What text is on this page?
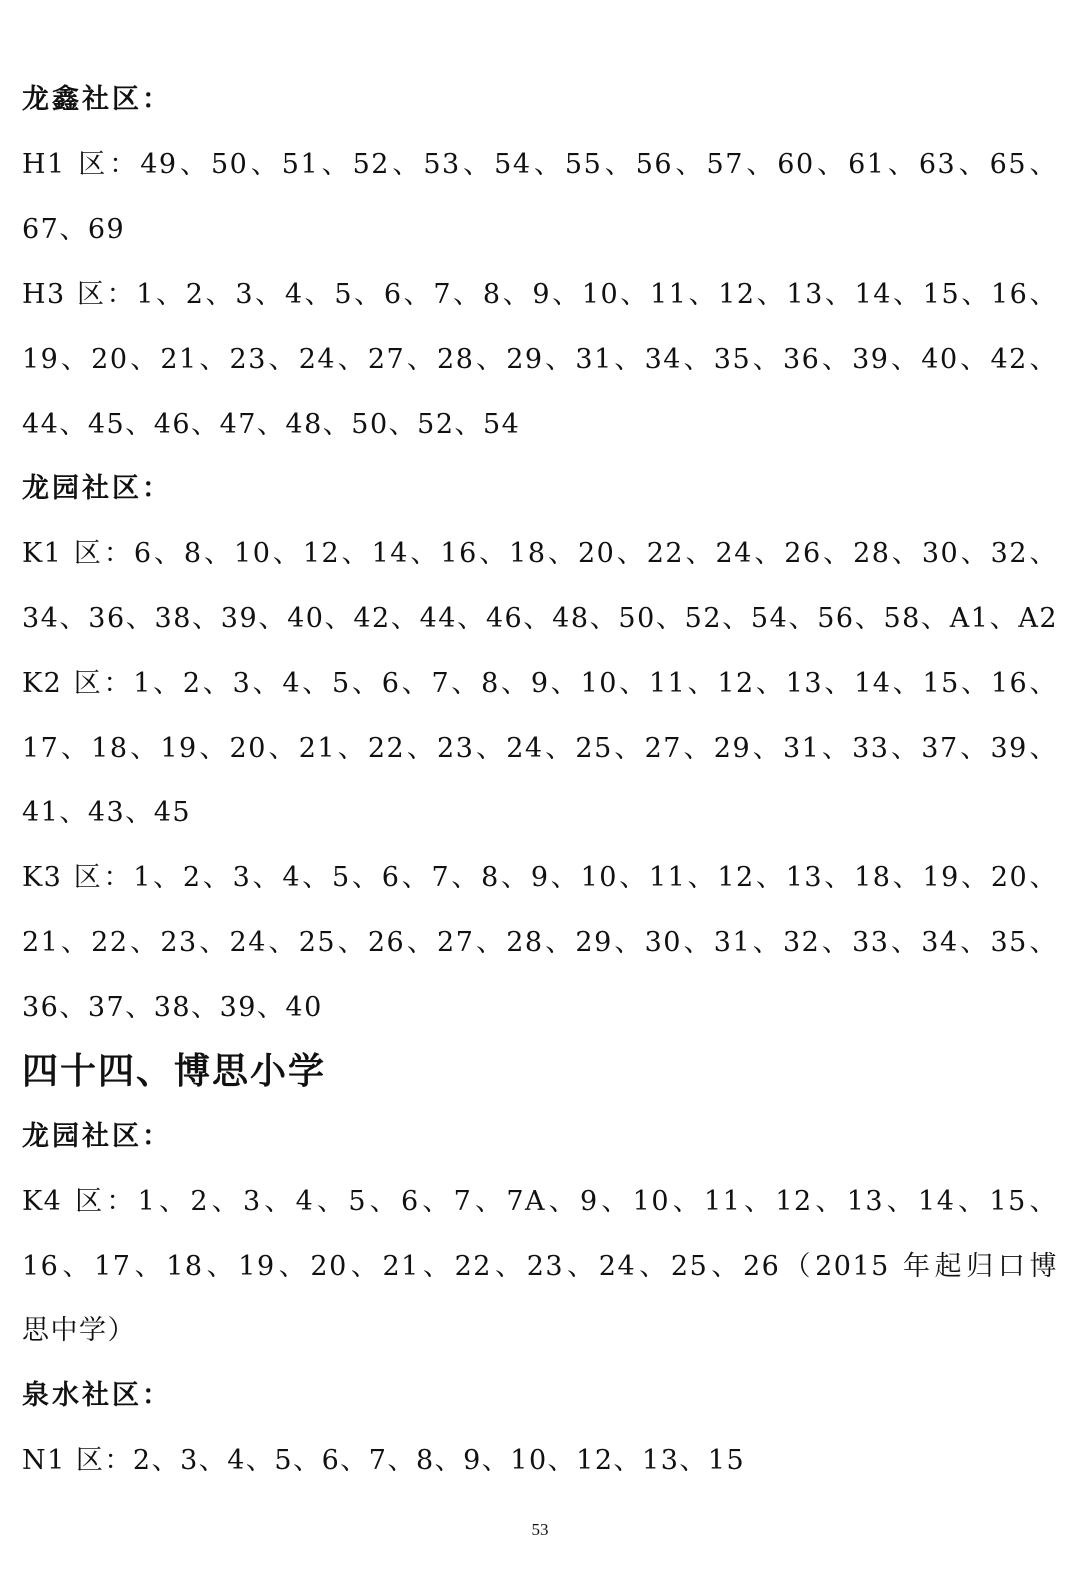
龙鑫社区：
H1 区：49、50、51、52、53、54、55、56、57、60、61、63、65、
67、69
H3 区：1、2、3、4、5、6、7、8、9、10、11、12、13、14、15、16、
19、20、21、23、24、27、28、29、31、34、35、36、39、40、42、
44、45、46、47、48、50、52、54
龙园社区：
K1 区：6、8、10、12、14、16、18、20、22、24、26、28、30、32、
34、36、38、39、40、42、44、46、48、50、52、54、56、58、A1、A2
K2 区：1、2、3、4、5、6、7、8、9、10、11、12、13、14、15、16、
17、18、19、20、21、22、23、24、25、27、29、31、33、37、39、
41、43、45
K3 区：1、2、3、4、5、6、7、8、9、10、11、12、13、18、19、20、
21、22、23、24、25、26、27、28、29、30、31、32、33、34、35、
36、37、38、39、40
四十四、博思小学
龙园社区：
K4 区：1、2、3、4、5、6、7、7A、9、10、11、12、13、14、15、
16、17、18、19、20、21、22、23、24、25、26（2015 年起归口博
思中学）
泉水社区：
N1 区：2、3、4、5、6、7、8、9、10、12、13、15
53
